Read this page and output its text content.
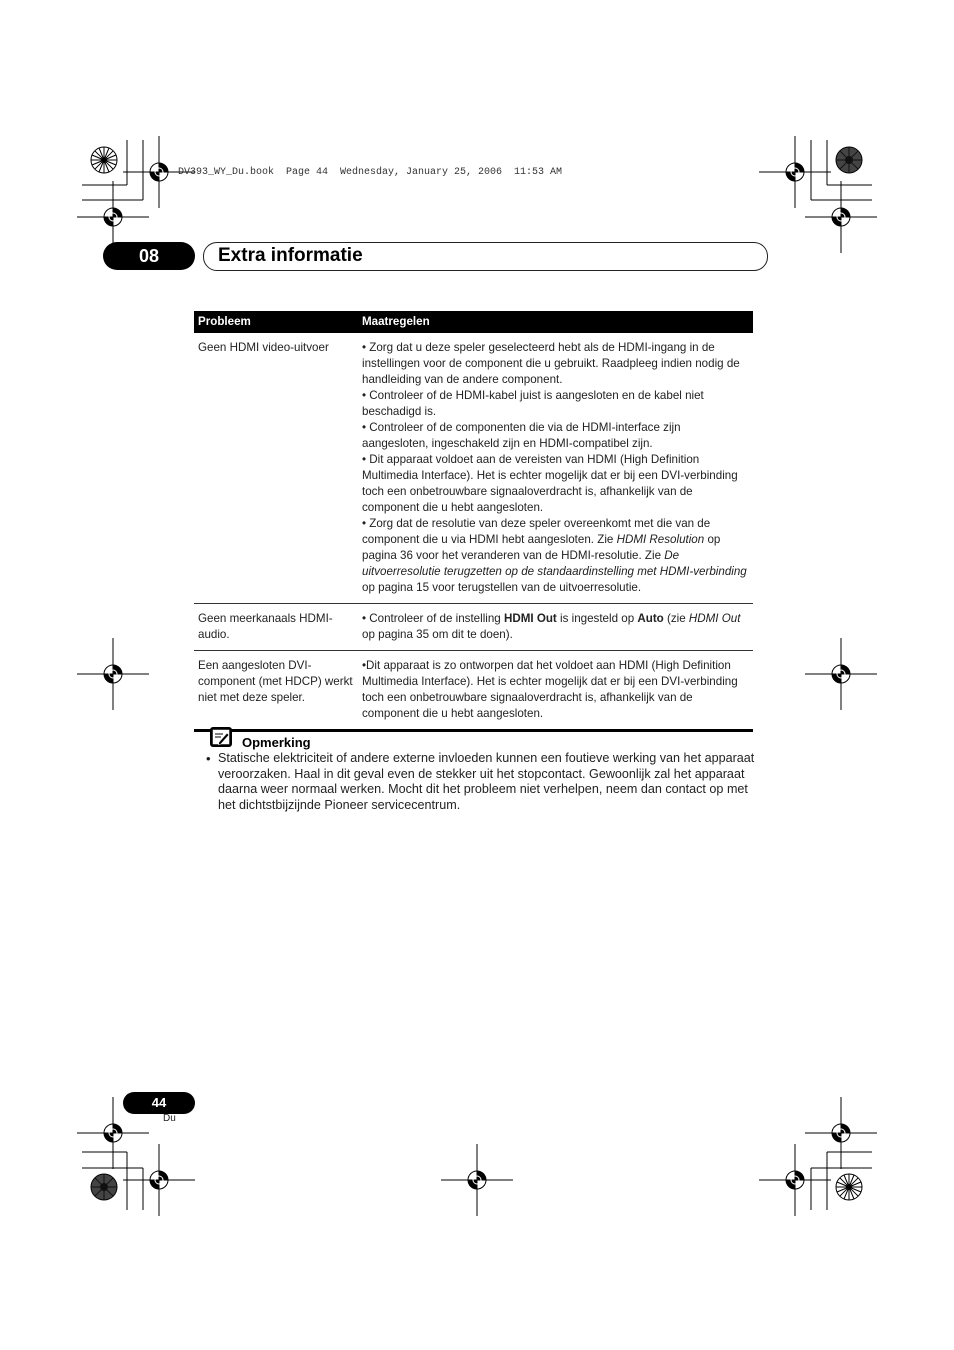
DV393_WY_Du.book  Page 44  Wednesday, January 25, 2006  11:53 AM
08	Extra informatie
Probleem	Maatregelen
Geen HDMI video-uitvoer	• Zorg dat u deze speler geselecteerd hebt als de HDMI-ingang in de instellingen voor de component die u gebruikt. Raadpleeg indien nodig de handleiding van de andere component.
• Controleer of de HDMI-kabel juist is aangesloten en de kabel niet beschadigd is.
• Controleer of de componenten die via de HDMI-interface zijn aangesloten, ingeschakeld zijn en HDMI-compatibel zijn.
• Dit apparaat voldoet aan de vereisten van HDMI (High Definition Multimedia Interface). Het is echter mogelijk dat er bij een DVI-verbinding toch een onbetrouwbare signaaloverdracht is, afhankelijk van de component die u hebt aangesloten.
• Zorg dat de resolutie van deze speler overeenkomt met die van de component die u via HDMI hebt aangesloten. Zie HDMI Resolution op pagina 36 voor het veranderen van de HDMI-resolutie. Zie De uitvoerresolutie terugzetten op de standaardinstelling met HDMI-verbinding op pagina 15 voor terugstellen van de uitvoerresolutie.

Geen meerkanaals HDMI-audio.	• Controleer of de instelling HDMI Out is ingesteld op Auto (zie HDMI Out op pagina 35 om dit te doen).
Een aangesloten DVI-component (met HDCP) werkt niet met deze speler.	•Dit apparaat is zo ontworpen dat het voldoet aan HDMI (High Definition Multimedia Interface). Het is echter mogelijk dat er bij een DVI-verbinding toch een onbetrouwbare signaaloverdracht is, afhankelijk van de component die u hebt aangesloten.
Opmerking
• Statische elektriciteit of andere externe invloeden kunnen een foutieve werking van het apparaat veroorzaken. Haal in dit geval even de stekker uit het stopcontact. Gewoonlijk zal het apparaat daarna weer normaal werken. Mocht dit het probleem niet verhelpen, neem dan contact op met het dichtstbijzijnde Pioneer servicecentrum.
44
Du
